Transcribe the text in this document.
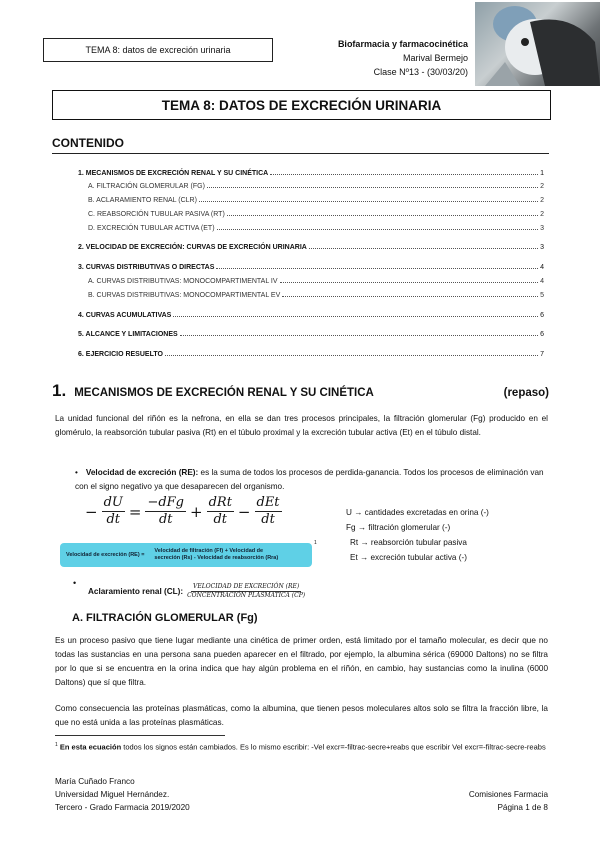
TEMA 8: datos de excreción urinaria
Biofarmacia y farmacocinética
Marival Bermejo
Clase Nº13 - (30/03/20)
TEMA 8: DATOS DE EXCRECIÓN URINARIA
CONTENIDO
1. MECANISMOS DE EXCRECIÓN RENAL Y SU CINÉTICA	1
A. FILTRACIÓN GLOMERULAR (FG)	2
B. ACLARAMIENTO RENAL (CLR)	2
C. REABSORCIÓN TUBULAR PASIVA (RT)	2
D. EXCRECIÓN TUBULAR ACTIVA (ET)	3
2. VELOCIDAD DE EXCRECIÓN: CURVAS DE EXCRECIÓN URINARIA	3
3. CURVAS DISTRIBUTIVAS O DIRECTAS	4
A. CURVAS DISTRIBUTIVAS: MONOCOMPARTIMENTAL IV	4
B. CURVAS DISTRIBUTIVAS: MONOCOMPARTIMENTAL EV	5
4. CURVAS ACUMULATIVAS	6
5. ALCANCE Y LIMITACIONES	6
6. EJERCICIO RESUELTO	7
1. MECANISMOS DE EXCRECIÓN RENAL Y SU CINÉTICA	(repaso)
La unidad funcional del riñón es la nefrona, en ella se dan tres procesos principales, la filtración glomerular (Fg) producido en el glomérulo, la reabsorción tubular pasiva (Rt) en el túbulo proximal y la excreción tubular activa (Et) en el túbulo distal.
• Velocidad de excreción (RE): es la suma de todos los procesos de perdida-ganancia. Todos los procesos de eliminación van con el signo negativo ya que desaparecen del organismo.
− $\frac{dU}{dt} = \frac{\text{−dFg}}{dt} + \frac{\text{dRt}}{dt} - \frac{\text{dEt}}{dt}$
Velocidad de excreción (RE) =
Velocidad de filtración (Ff) + Velocidad de
secreción (Rs) - Velocidad de reabsorción (Rra)
1
U → cantidades excretadas en orina (-)
Fg → filtración glomerular (-)
Rt → reabsorción tubular pasiva
Et → excreción tubular activa (-)
•
Aclaramiento renal (CL):
VELOCIDAD DE EXCRECIÓN (RE)
CONCENTRACIÓN PLÁSMATICA (CP)
A. FILTRACIÓN GLOMERULAR (Fg)
Es un proceso pasivo que tiene lugar mediante una cinética de primer orden, está limitado por el tamaño molecular, es decir que no todas las sustancias en una persona sana pueden aparecer en el filtrado, por ejemplo, la albumina sérica (69000 Daltons) no se filtra por lo que si se encuentra en la orina indica que hay algún problema en el riñón, en cambio, hay sustancias como la inulina (6000 Daltons) que sí que filtra.
Como consecuencia las proteínas plasmáticas, como la albumina, que tienen pesos moleculares altos solo se filtra la fracción libre, la que no está unida a las proteínas plasmáticas.
$^1$ En esta ecuación todos los signos están cambiados. Es lo mismo escribir: -Vel excr=-filtrac-secre+reabs que escribir Vel excr=-filtrac-secre-reabs
María Cuñado Franco
Universidad Miguel Hernández.
Tercero - Grado Farmacia 2019/2020
Comisiones Farmacia
Página 1 de 8
